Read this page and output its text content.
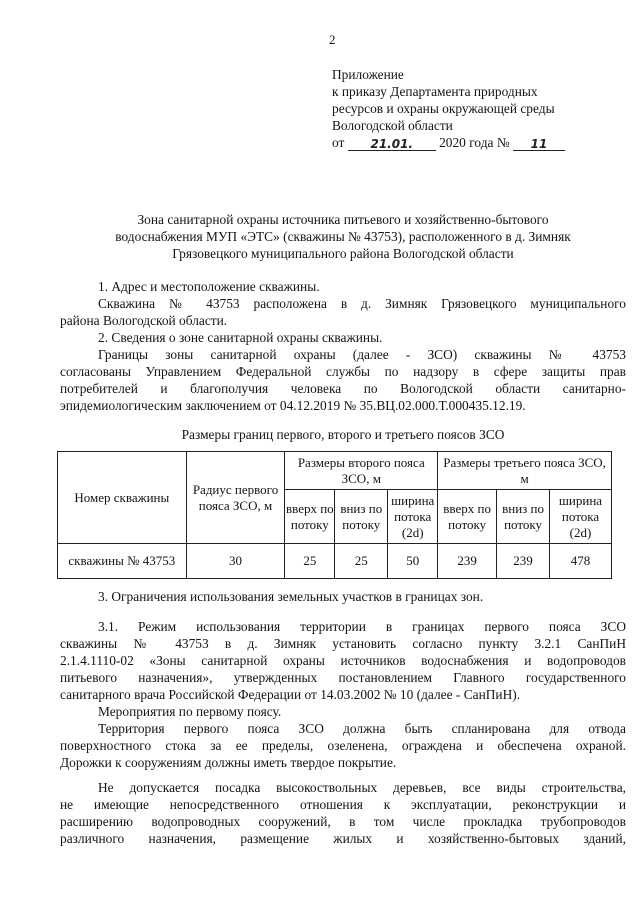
2
Приложение
к приказу Департамента природных
ресурсов и охраны окружающей среды
Вологодской области
от 21.01. 2020 года № 11
Зона санитарной охраны источника питьевого и хозяйственно-бытового
водоснабжения МУП «ЭТС» (скважины № 43753), расположенного в д. Зимняк
Грязовецкого муниципального района Вологодской области

1. Адрес и местоположение скважины.

Скважина № 43753 расположена в д. Зимняк Грязовецкого муниципального

района Вологодской области.

2. Сведения о зоне санитарной охраны скважины.

Границы зоны санитарной охраны (далее - ЗСО) скважины № 43753

согласованы Управлением Федеральной службы по надзору в сфере защиты прав

потребителей и благополучия человека по Вологодской области санитарно-

эпидемиологическим заключением от 04.12.2019 № 35.ВЦ.02.000.Т.000435.12.19.

Размеры границ первого, второго и третьего поясов ЗСО
Номер скважины	Радиус первого пояса ЗСО, м	Размеры второго пояса ЗСО, м			Размеры третьего пояса ЗСО, м		
		вверх по потоку	вниз по потоку	ширина потока (2d)	вверх по потоку	вниз по потоку	ширина потока (2d)
скважины № 43753	30	25	25	50	239	239	478

3. Ограничения использования земельных участков в границах зон.

3.1. Режим использования территории в границах первого пояса ЗСО

скважины № 43753 в д. Зимняк установить согласно пункту 3.2.1 СанПиН

2.1.4.1110-02 «Зоны санитарной охраны источников водоснабжения и водопроводов

питьевого назначения», утвержденных постановлением Главного государственного

санитарного врача Российской Федерации от 14.03.2002 № 10 (далее - СанПиН).

Мероприятия по первому поясу.

Территория первого пояса ЗСО должна быть спланирована для отвода

поверхностного стока за ее пределы, озеленена, ограждена и обеспечена охраной.

Дорожки к сооружениям должны иметь твердое покрытие.

Не допускается посадка высокоствольных деревьев, все виды строительства,

не имеющие непосредственного отношения к эксплуатации, реконструкции и

расширению водопроводных сооружений, в том числе прокладка трубопроводов

различного назначения, размещение жилых и хозяйственно-бытовых зданий,
